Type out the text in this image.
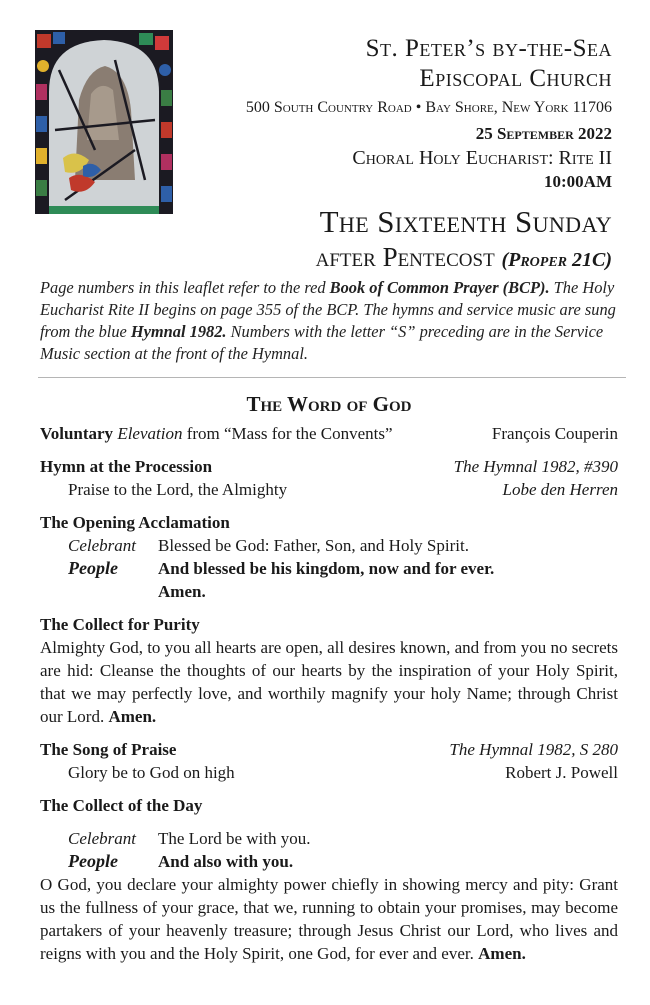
St. Peter’s by-the-Sea
Episcopal Church
500 South Country Road • Bay Shore, New York 11706
25 September 2022
Choral Holy Eucharist: Rite II
10:00AM
The Sixteenth Sunday
after Pentecost (Proper 21C)
Page numbers in this leaflet refer to the red Book of Common Prayer (BCP). The Holy Eucharist Rite II begins on page 355 of the BCP. The hymns and service music are sung from the blue Hymnal 1982. Numbers with the letter “S” preceding are in the Service Music section at the front of the Hymnal.
The Word of God
Voluntary Elevation from “Mass for the Convents”	François Couperin
Hymn at the Procession	The Hymnal 1982, #390
Praise to the Lord, the Almighty	Lobe den Herren
The Opening Acclamation
Celebrant	Blessed be God: Father, Son, and Holy Spirit.
People	And blessed be his kingdom, now and for ever.
Amen.
The Collect for Purity
Almighty God, to you all hearts are open, all desires known, and from you no secrets are hid: Cleanse the thoughts of our hearts by the inspiration of your Holy Spirit, that we may perfectly love, and worthily magnify your holy Name; through Christ our Lord. Amen.
The Song of Praise	The Hymnal 1982, S 280
Glory be to God on high	Robert J. Powell
The Collect of the Day
Celebrant	The Lord be with you.
People	And also with you.
O God, you declare your almighty power chiefly in showing mercy and pity: Grant us the fullness of your grace, that we, running to obtain your promises, may become partakers of your heavenly treasure; through Jesus Christ our Lord, who lives and reigns with you and the Holy Spirit, one God, for ever and ever. Amen.
